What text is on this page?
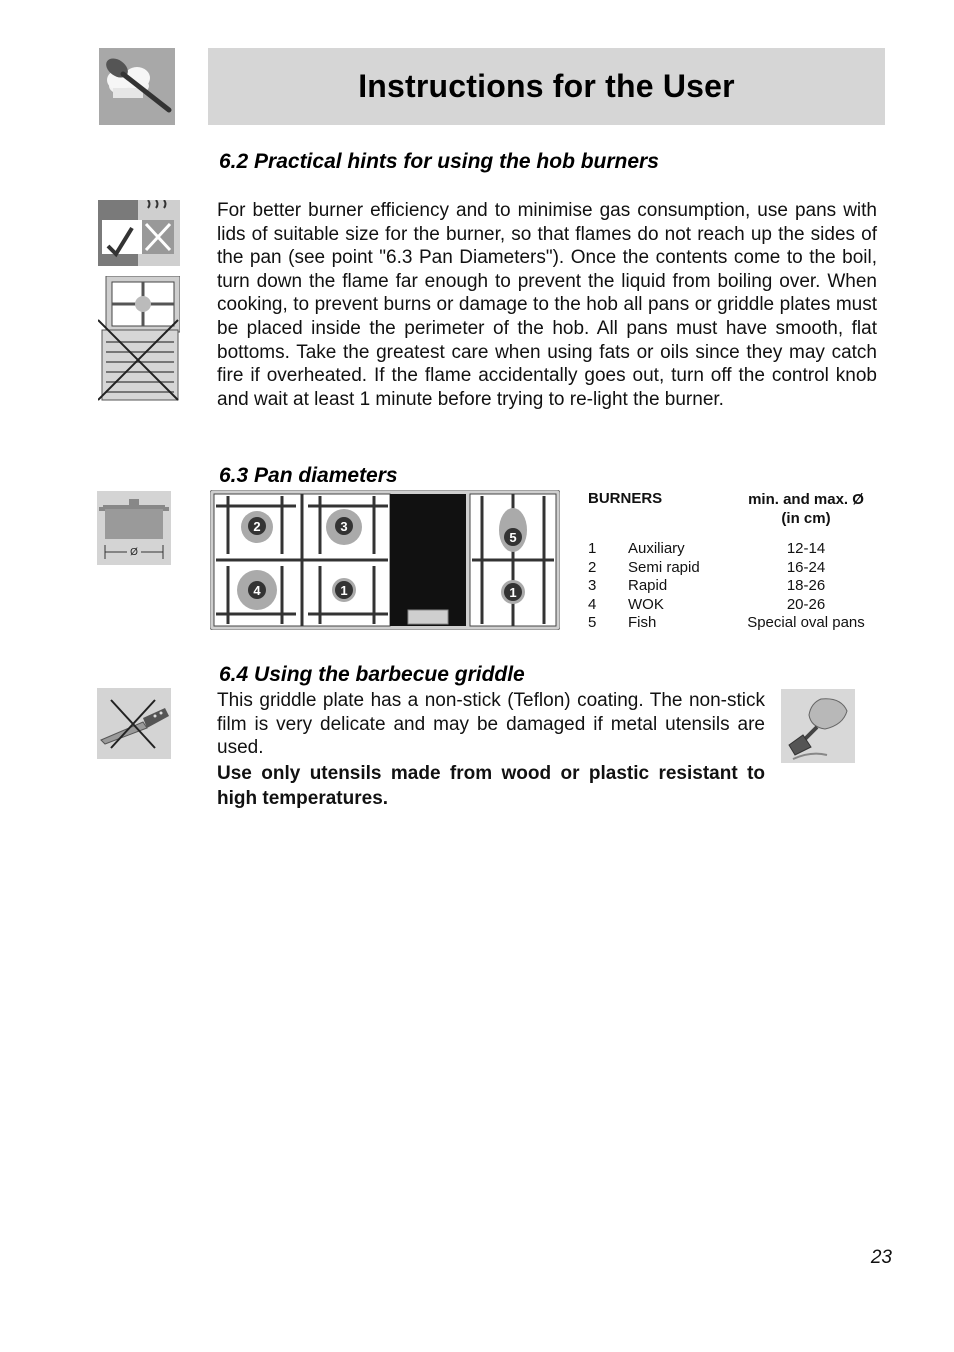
Instructions for the User
6.2 Practical hints for using the hob burners
For better burner efficiency and to minimise gas consumption, use pans with lids of suitable size for the burner, so that flames do not reach up the sides of the pan (see point "6.3 Pan Diameters"). Once the contents come to the boil, turn down the flame far enough to prevent the liquid from boiling over. When cooking, to prevent burns or damage to the hob all pans or griddle plates must be placed inside the perimeter of the hob. All pans must have smooth, flat bottoms. Take the greatest care when using fats or oils since they may catch fire if overheated. If the flame accidentally goes out, turn off the control knob and wait at least 1 minute before trying to re-light the burner.
6.3 Pan diameters
Ø
2	3
4	1
5
1
BURNERS	min. and max. Ø
(in cm)
1 Auxiliary	12-14
2 Semi rapid	16-24
3 Rapid	18-26
4 WOK	20-26
5 Fish	Special oval pans
6.4 Using the barbecue griddle
This griddle plate has a non-stick (Teflon) coating. The non-stick film is very delicate and may be damaged if metal utensils are used.
Use only utensils made from wood or plastic resistant to high temperatures.
23
